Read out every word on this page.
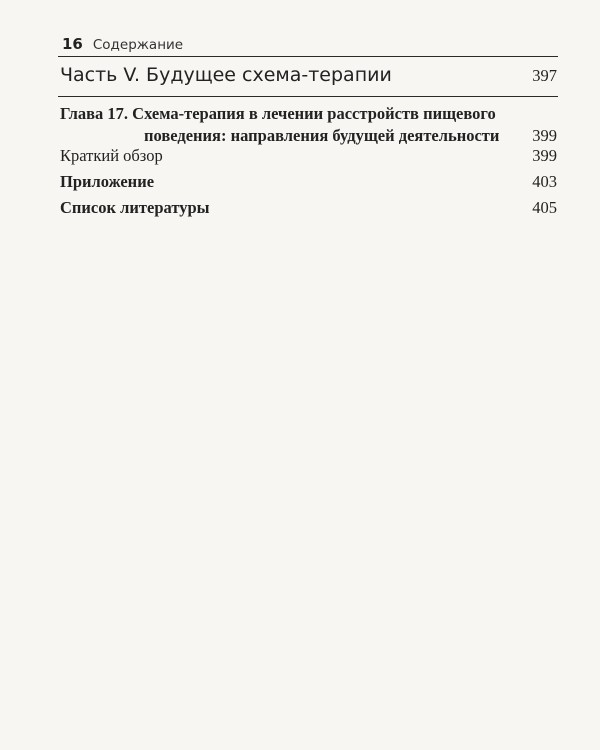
16 Содержание
Часть V. Будущее схема-терапии	397
Глава 17. Схема-терапия в лечении расстройств пищевого
поведения: направления будущей деятельности 399
Краткий обзор	399
Приложение	403
Список литературы	405
